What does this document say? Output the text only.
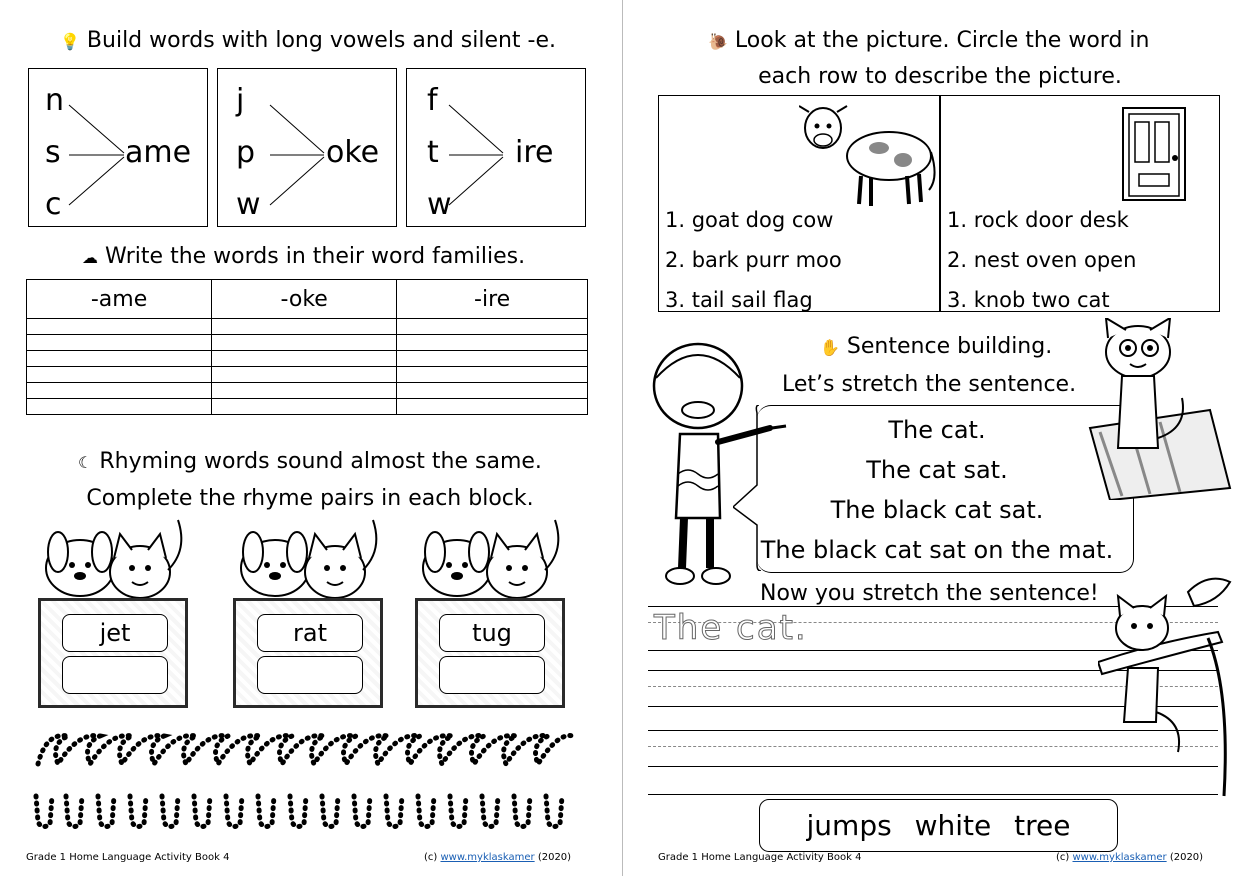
💡 Build words with long vowels and silent -e.
n
s
c
ame
j
p
w
oke
f
t
w
ire
☁ Write the words in their word families.
-ame	-oke	-ire

☾ Rhyming words sound almost the same.
Complete the rhyme pairs in each block.
jet	rat	tug
Grade 1 Home Language Activity Book 4	(c) www.myklaskamer (2020)
🐌 Look at the picture. Circle the word in
each row to describe the picture.
1. goat dog cow
2. bark purr moo
3. tail sail flag
1. rock door desk
2. nest oven open
3. knob two cat
✋ Sentence building.
Let’s stretch the sentence.
The cat.
The cat sat.
The black cat sat.
The black cat sat on the mat.
Now you stretch the sentence!
The cat.
jumps white tree
Grade 1 Home Language Activity Book 4	(c) www.myklaskamer (2020)
